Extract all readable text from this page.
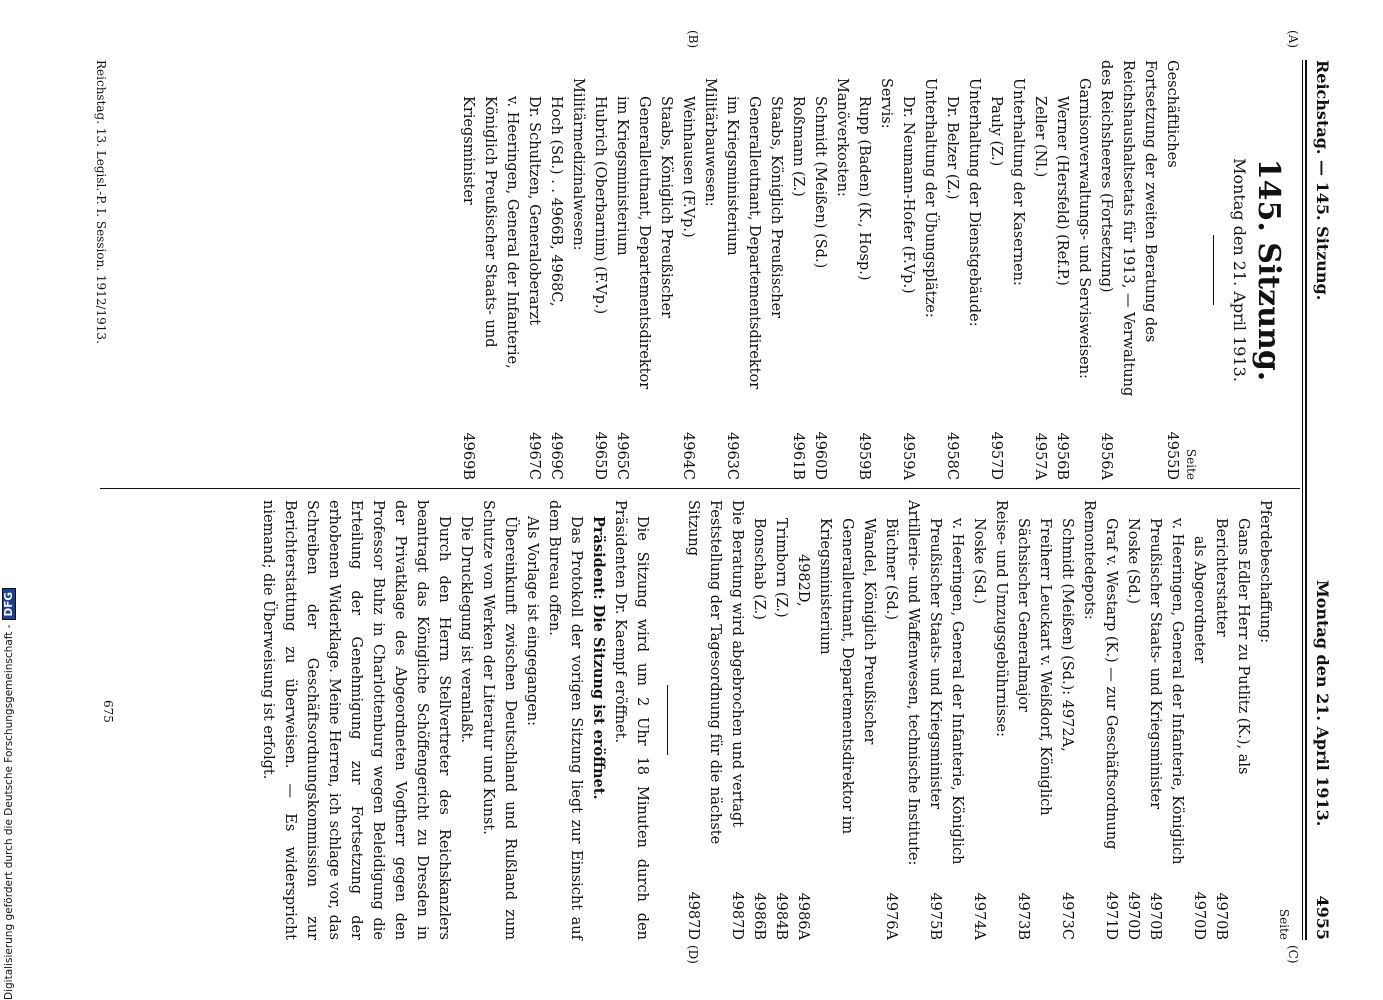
Reichstag. — 145. Sitzung.
Montag den 21. April 1913.
4955
(A)
(B)
(C)
(D)
145. Sitzung.
Montag den 21. April 1913.
Seite
Geschäftliches
4955D
Fortsetzung der zweiten Beratung des Reichshaushaltsetats für 1913, — Verwaltung des Reichsheeres (Fortsetzung)
4956A
Garnisonverwaltungs- und Servisweisen:
Werner (Hersfeld) (Ref.P.)
4956B
Zeller (Nl.)
4957A
Unterhaltung der Kasernen:
Pauly (Z.)
4957D
Unterhaltung der Dienstgebäude:
Dr. Belzer (Z.)
4958C
Unterhaltung der Übungsplätze:
Dr. Neumann-Hofer (F.Vp.)
4959A
Servis:
Rupp (Baden) (K., Hosp.)
4959B
Manöverkosten:
Schmidt (Meißen) (Sd.)
4960D
Roßmann (Z.)
4961B
Staabs, Königlich Preußischer Generalleutnant, Departementsdirektor im Kriegsministerium
4963C
Militärbauwesen:
Weinhausen (F.Vp.)
4964C
Staabs, Königlich Preußischer Generalleutnant, Departementsdirektor im Kriegsministerium
4965C
Hubrich (Oberbarnim) (F.Vp.)
4965D
Militärmedizinalwesen:
Hoch (Sd.) . . 4966B, 4968C,
4969C
Dr. Schultzen, Generaloberarzt
4967C
v. Heeringen, General der Infanterie, Königlich Preußischer Staats- und Kriegsminister
4969B
Seite
Pferdebeschaffung:
Gans Edler Herr zu Putlitz (K.), als Berichterstatter
4970B
als Abgeordneter
4970D
v. Heeringen, General der Infanterie, Königlich Preußischer Staats- und Kriegsminister
4970B
Noske (Sd.)
4970D
Graf v. Westarp (K.) — zur Geschäftsordnung
4971D
Remontedepots:
Schmidt (Meißen) (Sd.): 4972A,
4973C
Freiherr Leuckart v. Weißdorf, Königlich Sächsischer Generalmajor
4973B
Reise- und Umzugsgebührnisse:
Noske (Sd.)
4974A
v. Heeringen, General der Infanterie, Königlich Preußischer Staats- und Kriegsminister
4975B
Artillerie- und Waffenwesen, technische Institute:
Büchner (Sd.)
4976A
Wandel, Königlich Preußischer Generalleutnant, Departementsdirektor im Kriegsministerium
4982D,
4986A
Trimborn (Z.)
4984B
Bonschab (Z.)
4986B
Die Beratung wird abgebrochen und vertagt
4987D
Feststellung der Tagesordnung für die nächste Sitzung
4987D
Die Sitzung wird um 2 Uhr 18 Minuten durch den Präsidenten Dr. Kaempf eröffnet.
Präsident: Die Sitzung ist eröffnet.
Das Protokoll der vorigen Sitzung liegt zur Einsicht auf dem Bureau offen.
Als Vorlage ist eingegangen:
Übereinkunft zwischen Deutschland und Rußland zum Schutze von Werken der Literatur und Kunst.
Die Drucklegung ist veranlaßt.
Durch den Herrn Stellvertreter des Reichskanzlers beantragt das Königliche Schöffengericht zu Dresden in der Privatklage des Abgeordneten Vogtherr gegen den Professor Buhz in Charlottenburg wegen Beleidigung die Erteilung der Genehmigung zur Fortsetzung der erhobenen Widerklage. Meine Herren, ich schlage vor, das Schreiben der Geschäftsordnungskommission zur Berichterstattung zu überweisen. — Es widerspricht niemand; die Überweisung ist erfolgt.
Reichstag. 13. Legisl.-P. I. Session. 1912/1913.
675
Digitalisierung gefördert durch die Deutsche Forschungsgemeinschaft -DFG
